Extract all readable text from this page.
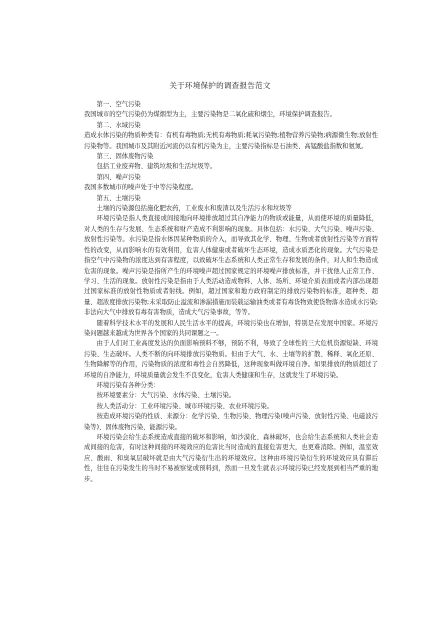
关于环境保护的调查报告范文

第一、空气污染

我国城市的空气污染仍为煤烟型为主，主要污染物是二氧化硫和烟尘，环境保护调查报告。

第二、水域污染

造成水体污染的物质种类有：有机有毒物质;无机有毒物质;耗氧污染物;植物营养污染物;病源微生物;放射性污染物等。我国城市及其附近河流仍以有机污染为主，主要污染指标是石油类、高锰酸盐指数和氨氮。

第三、固体废物污染

包括工业废弃物、建筑垃圾和生活垃圾等。

第四、噪声污染

我国多数城市的噪声处于中等污染程度。

第五、土壤污染

土壤的污染源包括施化肥农药，工业废水和废渣以及生活污水和垃圾等

环境污染是指人类直接或间接地向环境排放超过其自净能力的物质或能量，从而使环境的质量降低，对人类的生存与发展、生态系统和财产造成不利影响的现象。具体包括：水污染、大气污染、噪声污染、放射性污染等。水污染是指水体因某种物质的介入，而导致其化学、物理、生物或者放射性污染等方面特性的改变，从而影响水的有效利用，危害人体健康或者破坏生态环境，造成水质恶化的现象。大气污染是指空气中污染物的浓度达到有害程度，以致破坏生态系统和人类正常生存和发展的条件，对人和生物造成危害的现象。噪声污染是指所产生的环境噪声超过国家规定的环境噪声排放标准，并干扰他人正常工作、学习、生活的现象。放射性污染是指由于人类活动造成物料、人体、场所、环境介质表面或者内部出现超过国家标准的放射性物质或者射线。例如，超过国家和地方政府制定的排放污染物的标准，超种类、超量、超浓度排放污染物;未采取防止溢流和渗漏措施而装载运输油类或者有毒货物致使货物落水造成水污染;非法向大气中排放有毒有害物质，造成大气污染事故，等等。

随着科学技术水平的发展和人民生活水平的提高，环境污染也在增加，特别是在发展中国家。环境污染问题越来越成为世界各个国家的共同课题之一。

由于人们对工业高度发达的负面影响预料不够，预防不利，导致了全球性的三大危机资源短缺、环境污染、生态破坏。人类不断的向环境排放污染物质。但由于大气、水、土壤等的扩散、稀释、氧化还原、生物降解等的作用，污染物质的浓度和毒性会自然降低，这种现象叫做环境自净。如果排放的物质超过了环境的自净能力，环境质量就会发生不良变化，危害人类健康和生存，这就发生了环境污染。

环境污染有各种分类：

按环境要素分：大气污染、水体污染、土壤污染。

按人类活动分：工业环境污染、城市环境污染、农业环境污染。

按造成环境污染的性质、来源分：化学污染、生物污染、物理污染(噪声污染、放射性污染、电磁波污染等)、固体废物污染、能源污染。

环境污染会给生态系统造成直接的破坏和影响，如沙漠化、森林破坏，也会给生态系统和人类社会造成间接的危害，有时这种间接的环境效应的危害比当时造成的直接危害更大，也更难消除。例如，温室效应、酸雨、和臭氧层破坏就是由大气污染衍生出的环境效应。这种由环境污染衍生的环境效应具有滞后性，往往在污染发生的当时不易被察觉或预料到，然而一旦发生就表示环境污染已经发展到相当严重的地步。
